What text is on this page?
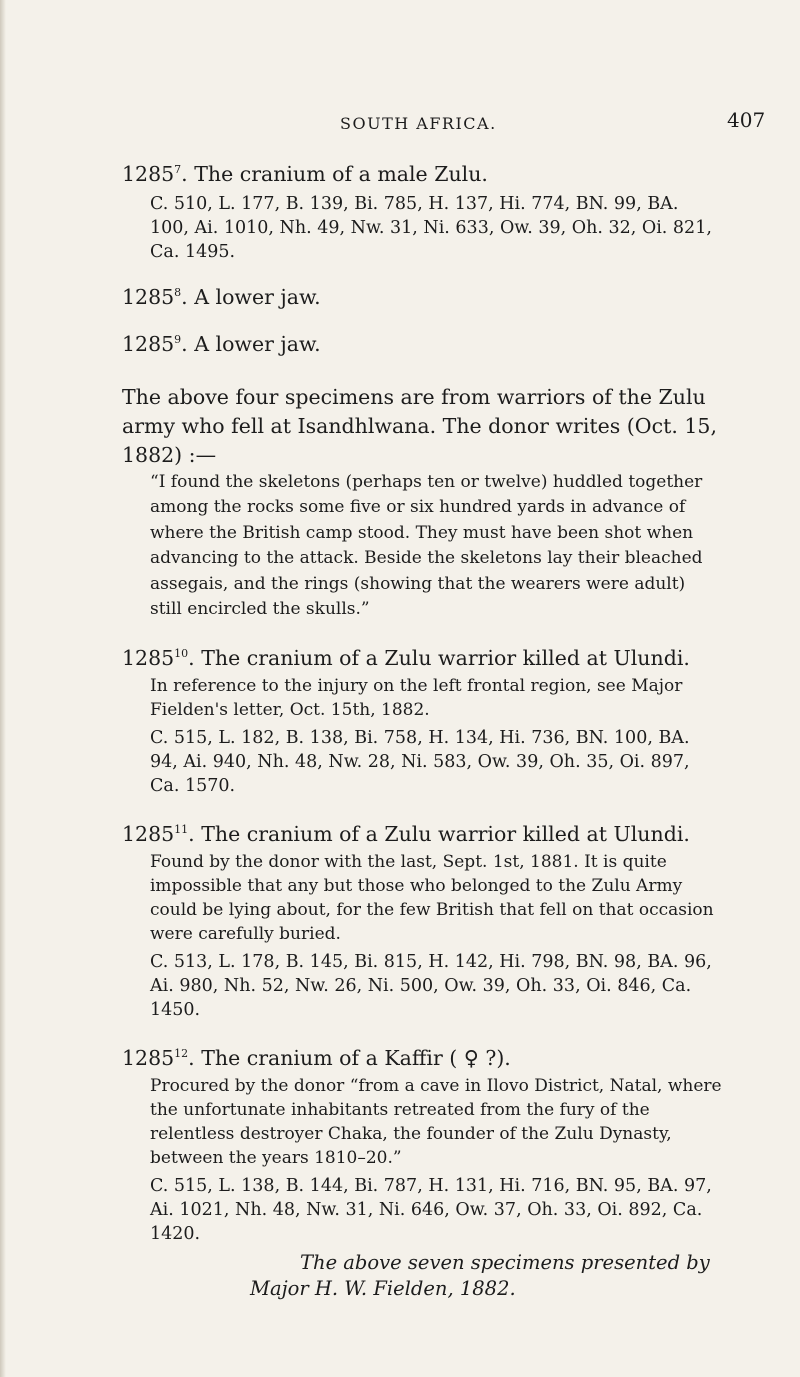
SOUTH AFRICA.	407

1285$^7$. The cranium of a male Zulu.

C. 510, L. 177, B. 139, Bi. 785, H. 137, Hi. 774, BN. 99, BA. 100, Ai. 1010, Nh. 49, Nw. 31, Ni. 633, Ow. 39, Oh. 32, Oi. 821, Ca. 1495.

1285$^8$. A lower jaw.

1285$^9$. A lower jaw.

The above four specimens are from warriors of the Zulu army who fell at Isandhlwana. The donor writes (Oct. 15, 1882) :—

“I found the skeletons (perhaps ten or twelve) huddled together among the rocks some five or six hundred yards in advance of where the British camp stood. They must have been shot when advancing to the attack. Beside the skeletons lay their bleached assegais, and the rings (showing that the wearers were adult) still encircled the skulls.”

1285$^{10}$. The cranium of a Zulu warrior killed at Ulundi.

In reference to the injury on the left frontal region, see Major Fielden's letter, Oct. 15th, 1882.

C. 515, L. 182, B. 138, Bi. 758, H. 134, Hi. 736, BN. 100, BA. 94, Ai. 940, Nh. 48, Nw. 28, Ni. 583, Ow. 39, Oh. 35, Oi. 897, Ca. 1570.

1285$^{11}$. The cranium of a Zulu warrior killed at Ulundi.

Found by the donor with the last, Sept. 1st, 1881. It is quite impossible that any but those who belonged to the Zulu Army could be lying about, for the few British that fell on that occasion were carefully buried.

C. 513, L. 178, B. 145, Bi. 815, H. 142, Hi. 798, BN. 98, BA. 96, Ai. 980, Nh. 52, Nw. 26, Ni. 500, Ow. 39, Oh. 33, Oi. 846, Ca. 1450.

1285$^{12}$. The cranium of a Kaffir ( ♀ ?).

Procured by the donor “from a cave in Ilovo District, Natal, where the unfortunate inhabitants retreated from the fury of the relentless destroyer Chaka, the founder of the Zulu Dynasty, between the years 1810–20.”

C. 515, L. 138, B. 144, Bi. 787, H. 131, Hi. 716, BN. 95, BA. 97, Ai. 1021, Nh. 48, Nw. 31, Ni. 646, Ow. 37, Oh. 33, Oi. 892, Ca. 1420.

The above seven specimens presented by
Major H. W. Fielden, 1882.
